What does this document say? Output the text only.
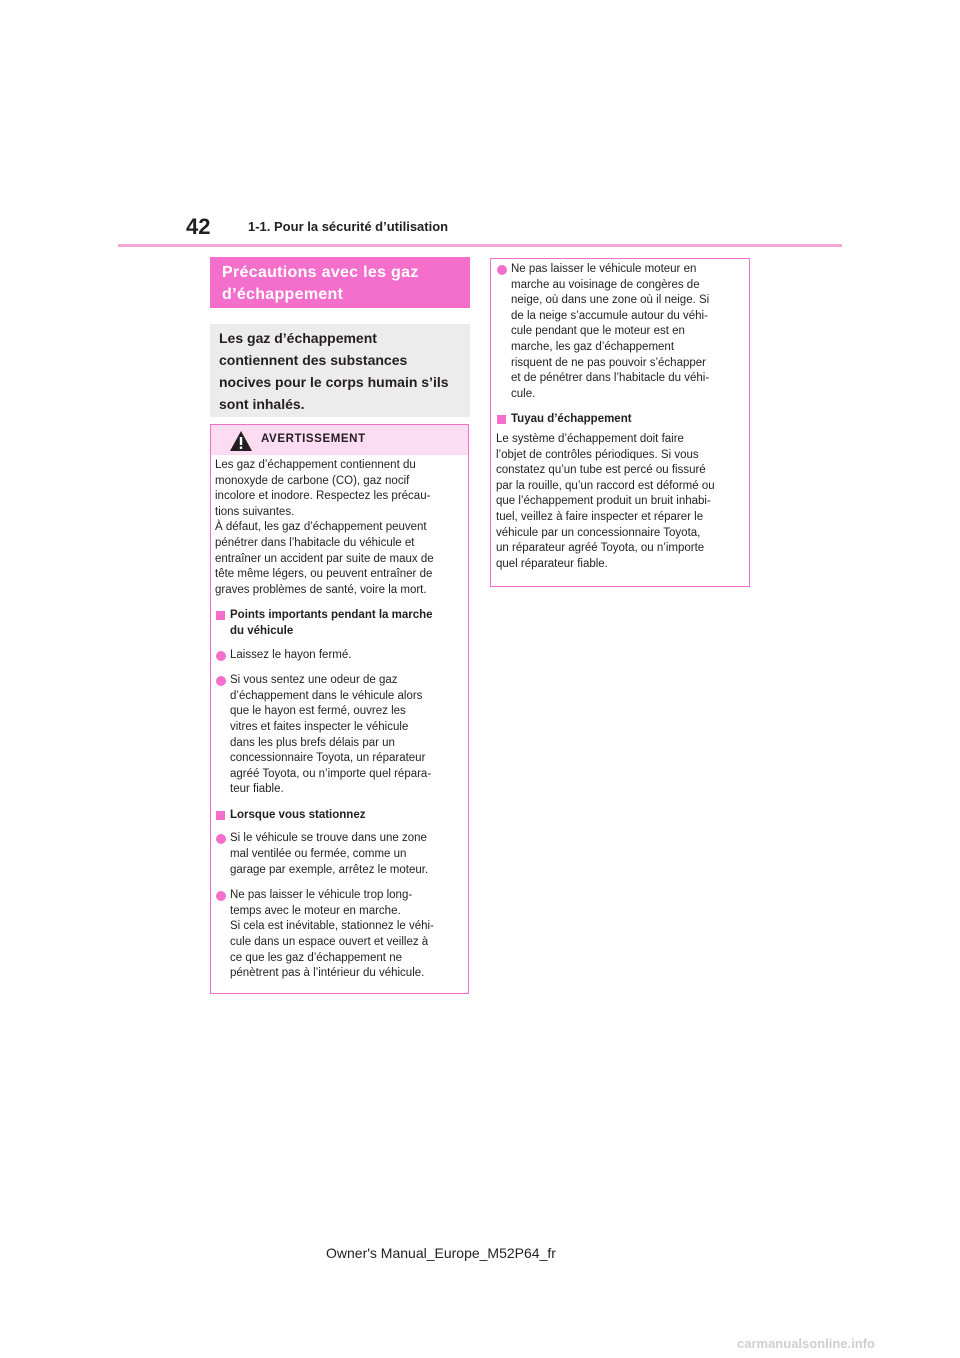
42	1-1. Pour la sécurité d’utilisation
Précautions avec les gaz
d’échappement

Les gaz d’échappement

contiennent des substances

nocives pour le corps humain s’ils

sont inhalés.

AVERTISSEMENT

Les gaz d’échappement contiennent du

monoxyde de carbone (CO), gaz nocif

incolore et inodore. Respectez les précau-

tions suivantes.

À défaut, les gaz d’échappement peuvent

pénétrer dans l’habitacle du véhicule et

entraîner un accident par suite de maux de

tête même légers, ou peuvent entraîner de

graves problèmes de santé, voire la mort.

Points importants pendant la marche

du véhicule

Laissez le hayon fermé.

Si vous sentez une odeur de gaz

d’échappement dans le véhicule alors

que le hayon est fermé, ouvrez les

vitres et faites inspecter le véhicule

dans les plus brefs délais par un

concessionnaire Toyota, un réparateur

agréé Toyota, ou n’importe quel répara-

teur fiable.

Lorsque vous stationnez

Si le véhicule se trouve dans une zone

mal ventilée ou fermée, comme un

garage par exemple, arrêtez le moteur.

Ne pas laisser le véhicule trop long-

temps avec le moteur en marche.

Si cela est inévitable, stationnez le véhi-

cule dans un espace ouvert et veillez à

ce que les gaz d’échappement ne

pénètrent pas à l’intérieur du véhicule.

Ne pas laisser le véhicule moteur en

marche au voisinage de congères de

neige, où dans une zone où il neige. Si

de la neige s’accumule autour du véhi-

cule pendant que le moteur est en

marche, les gaz d’échappement

risquent de ne pas pouvoir s’échapper

et de pénétrer dans l’habitacle du véhi-

cule.

Tuyau d’échappement

Le système d’échappement doit faire

l’objet de contrôles périodiques. Si vous

constatez qu’un tube est percé ou fissuré

par la rouille, qu’un raccord est déformé ou

que l’échappement produit un bruit inhabi-

tuel, veillez à faire inspecter et réparer le

véhicule par un concessionnaire Toyota,

un réparateur agréé Toyota, ou n’importe

quel réparateur fiable.

Owner's Manual_Europe_M52P64_fr
carmanualsonline.info
